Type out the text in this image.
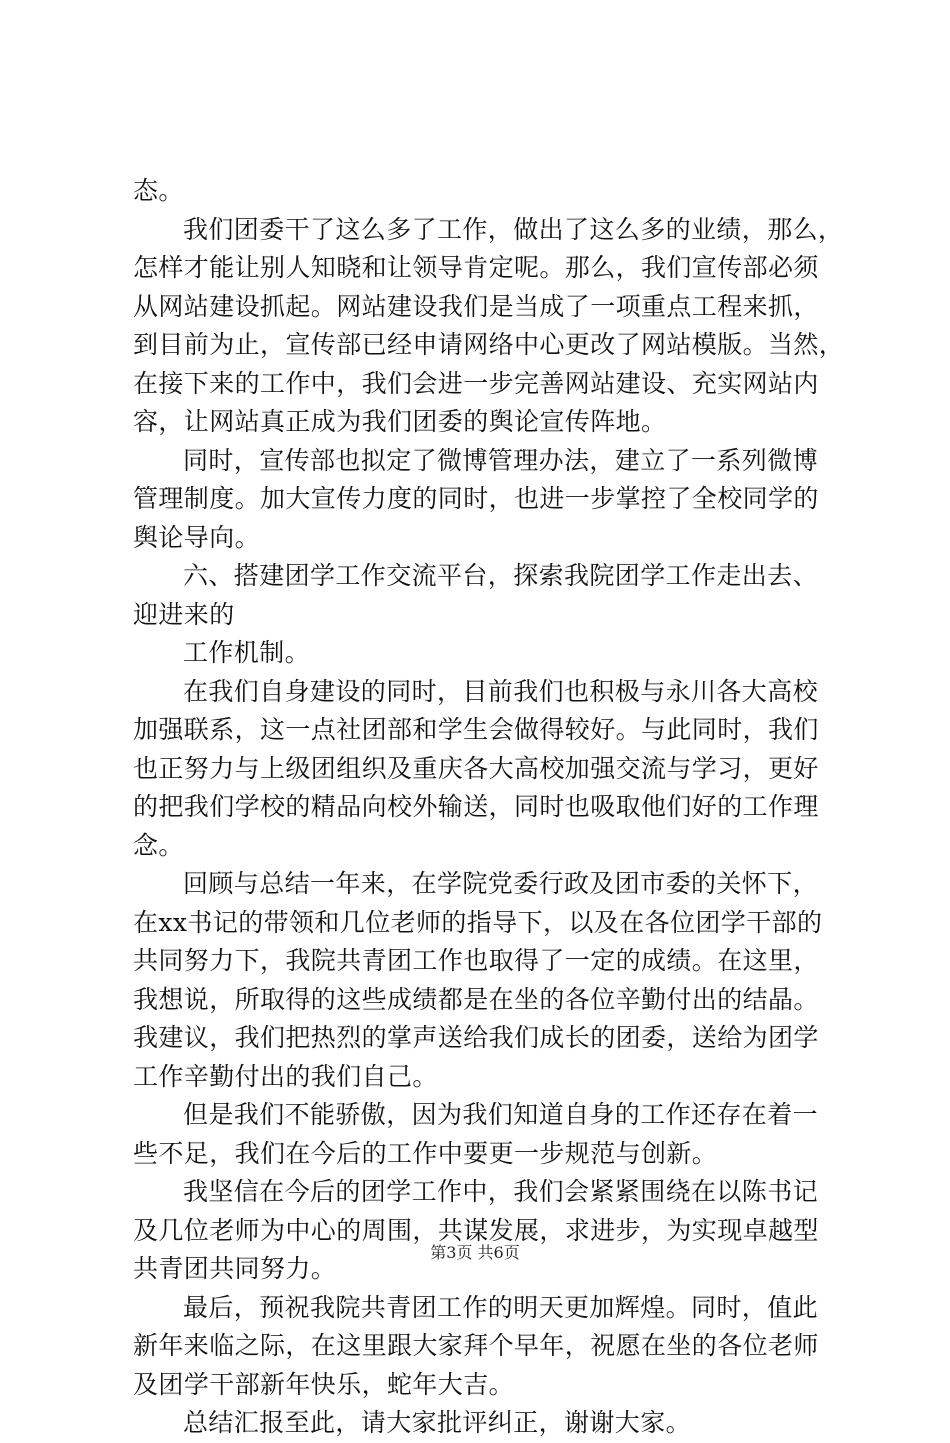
态。
我们团委干了这么多了工作，做出了这么多的业绩，那么，
怎样才能让别人知晓和让领导肯定呢。那么，我们宣传部必须
从网站建设抓起。网站建设我们是当成了一项重点工程来抓，
到目前为止，宣传部已经申请网络中心更改了网站模版。当然，
在接下来的工作中，我们会进一步完善网站建设、充实网站内
容，让网站真正成为我们团委的舆论宣传阵地。
同时，宣传部也拟定了微博管理办法，建立了一系列微博
管理制度。加大宣传力度的同时，也进一步掌控了全校同学的
舆论导向。
六、搭建团学工作交流平台，探索我院团学工作走出去、
迎进来的
工作机制。
在我们自身建设的同时，目前我们也积极与永川各大高校
加强联系，这一点社团部和学生会做得较好。与此同时，我们
也正努力与上级团组织及重庆各大高校加强交流与学习，更好
的把我们学校的精品向校外输送，同时也吸取他们好的工作理
念。
回顾与总结一年来，在学院党委行政及团市委的关怀下，
在xx书记的带领和几位老师的指导下，以及在各位团学干部的
共同努力下，我院共青团工作也取得了一定的成绩。在这里，
我想说，所取得的这些成绩都是在坐的各位辛勤付出的结晶。
我建议，我们把热烈的掌声送给我们成长的团委，送给为团学
工作辛勤付出的我们自己。
但是我们不能骄傲，因为我们知道自身的工作还存在着一
些不足，我们在今后的工作中要更一步规范与创新。
我坚信在今后的团学工作中，我们会紧紧围绕在以陈书记
及几位老师为中心的周围，共谋发展，求进步，为实现卓越型
共青团共同努力。
最后，预祝我院共青团工作的明天更加辉煌。同时，值此
新年来临之际，在这里跟大家拜个早年，祝愿在坐的各位老师
及团学干部新年快乐，蛇年大吉。
总结汇报至此，请大家批评纠正，谢谢大家。
第3页 共6页
